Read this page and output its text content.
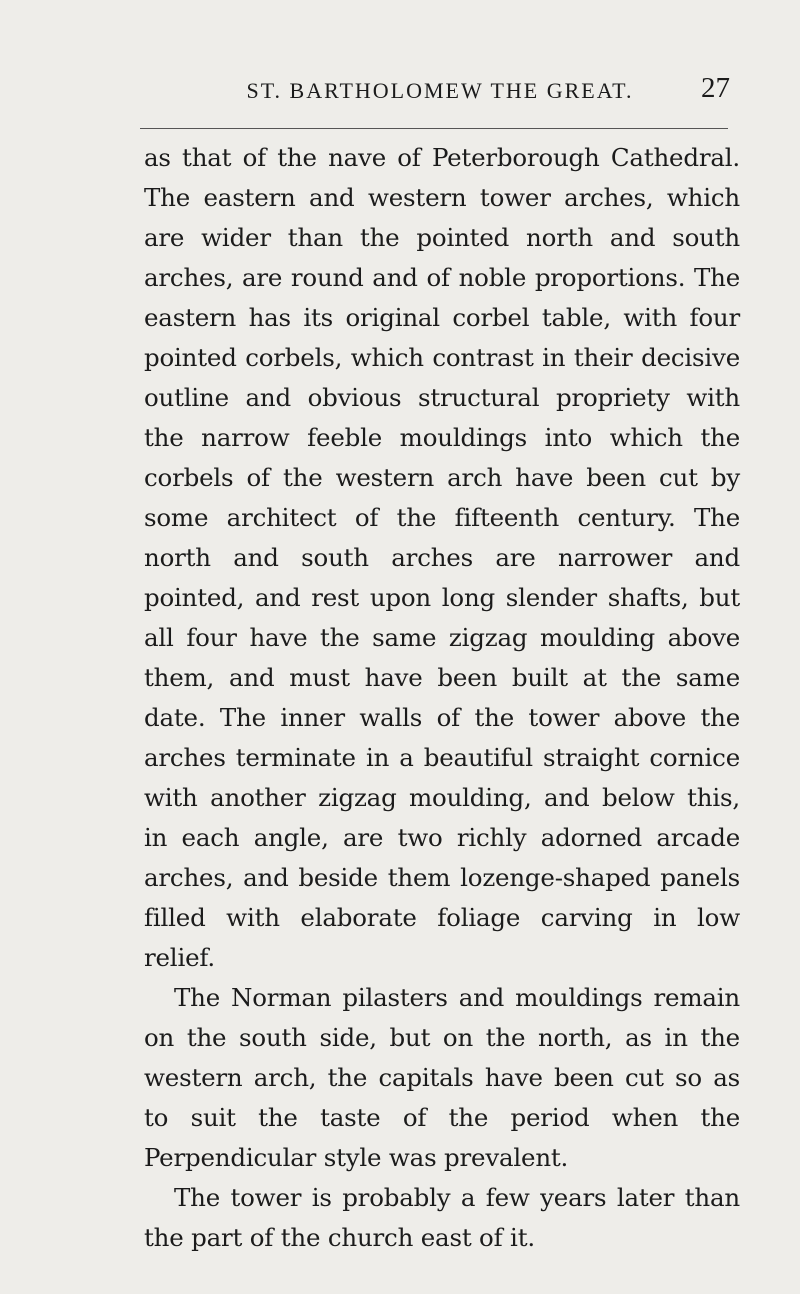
ST. BARTHOLOMEW THE GREAT.	27

as that of the nave of Peterborough Cathedral. The eastern and western tower arches, which are wider than the pointed north and south arches, are round and of noble proportions. The eastern has its original corbel table, with four pointed corbels, which contrast in their decisive outline and obvious structural propriety with the narrow feeble mouldings into which the corbels of the western arch have been cut by some architect of the fifteenth century. The north and south arches are narrower and pointed, and rest upon long slender shafts, but all four have the same zigzag moulding above them, and must have been built at the same date. The inner walls of the tower above the arches terminate in a beautiful straight cornice with another zigzag moulding, and below this, in each angle, are two richly adorned arcade arches, and beside them lozenge-shaped panels filled with elaborate foliage carving in low relief.

The Norman pilasters and mouldings remain on the south side, but on the north, as in the western arch, the capitals have been cut so as to suit the taste of the period when the Perpendicular style was prevalent.

The tower is probably a few years later than the part of the church east of it.
